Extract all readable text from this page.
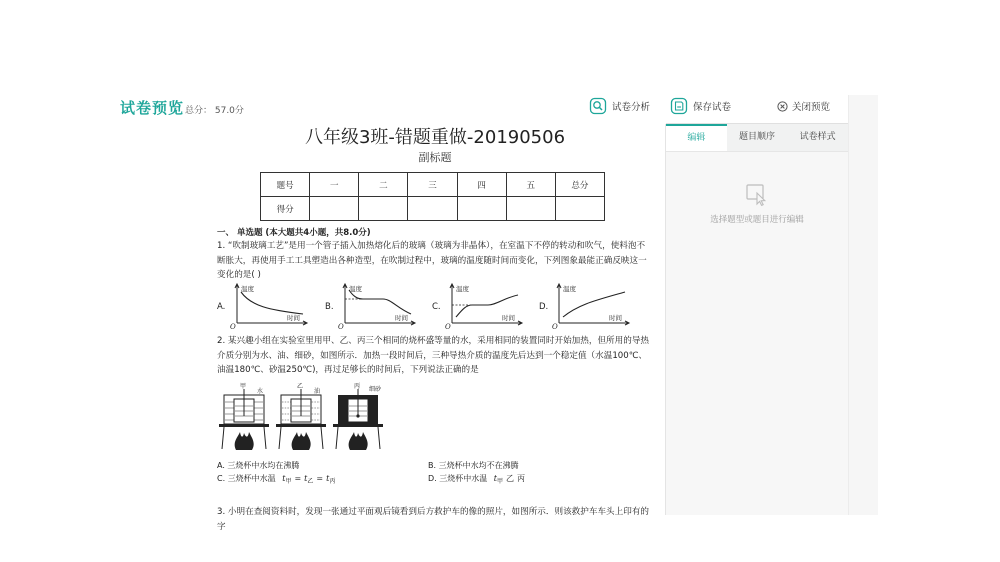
试卷预览 总分： 57.0分	试卷分析	保存试卷	关闭预览
编辑	题目顺序	试卷样式
选择题型或题目进行编辑
八年级3班-错题重做-20190506
副标题
题号	一	二	三	四	五	总分
得分						
一、 单选题 (本大题共4小题，共8.0分)
1. “吹制玻璃工艺”是用一个管子插入加热熔化后的玻璃（玻璃为非晶体），在室温下不停的转动和吹气，使料泡不断胀大，再使用手工工具塑造出各种造型，在吹制过程中，玻璃的温度随时间而变化，下列图象最能正确反映这一变化的是( )
A.
温度
时间
O
B.
温度
时间
O
C.
温度
时间
O
D.
温度
时间
O
2. 某兴趣小组在实验室里用甲、乙、丙三个相同的烧杯盛等量的水，采用相同的装置同时开始加热，但所用的导热介质分别为水、油、细砂，如图所示．加热一段时间后，三种导热介质的温度先后达到一个稳定值（水温100℃、油温180℃、砂温250℃)，再过足够长的时间后，下列说法正确的是
甲
水
乙
油
丙 细砂
A. 三烧杯中水均在沸腾	B. 三烧杯中水均不在沸腾
C. 三烧杯中水温 $t_甲 = t_乙 = t_丙$	D. 三烧杯中水温 $t_甲$ 乙 丙
3. 小明在查阅资料时，发现一张通过平面观后镜看到后方救护车的像的照片，如图所示．则该救护车车头上印有的字
